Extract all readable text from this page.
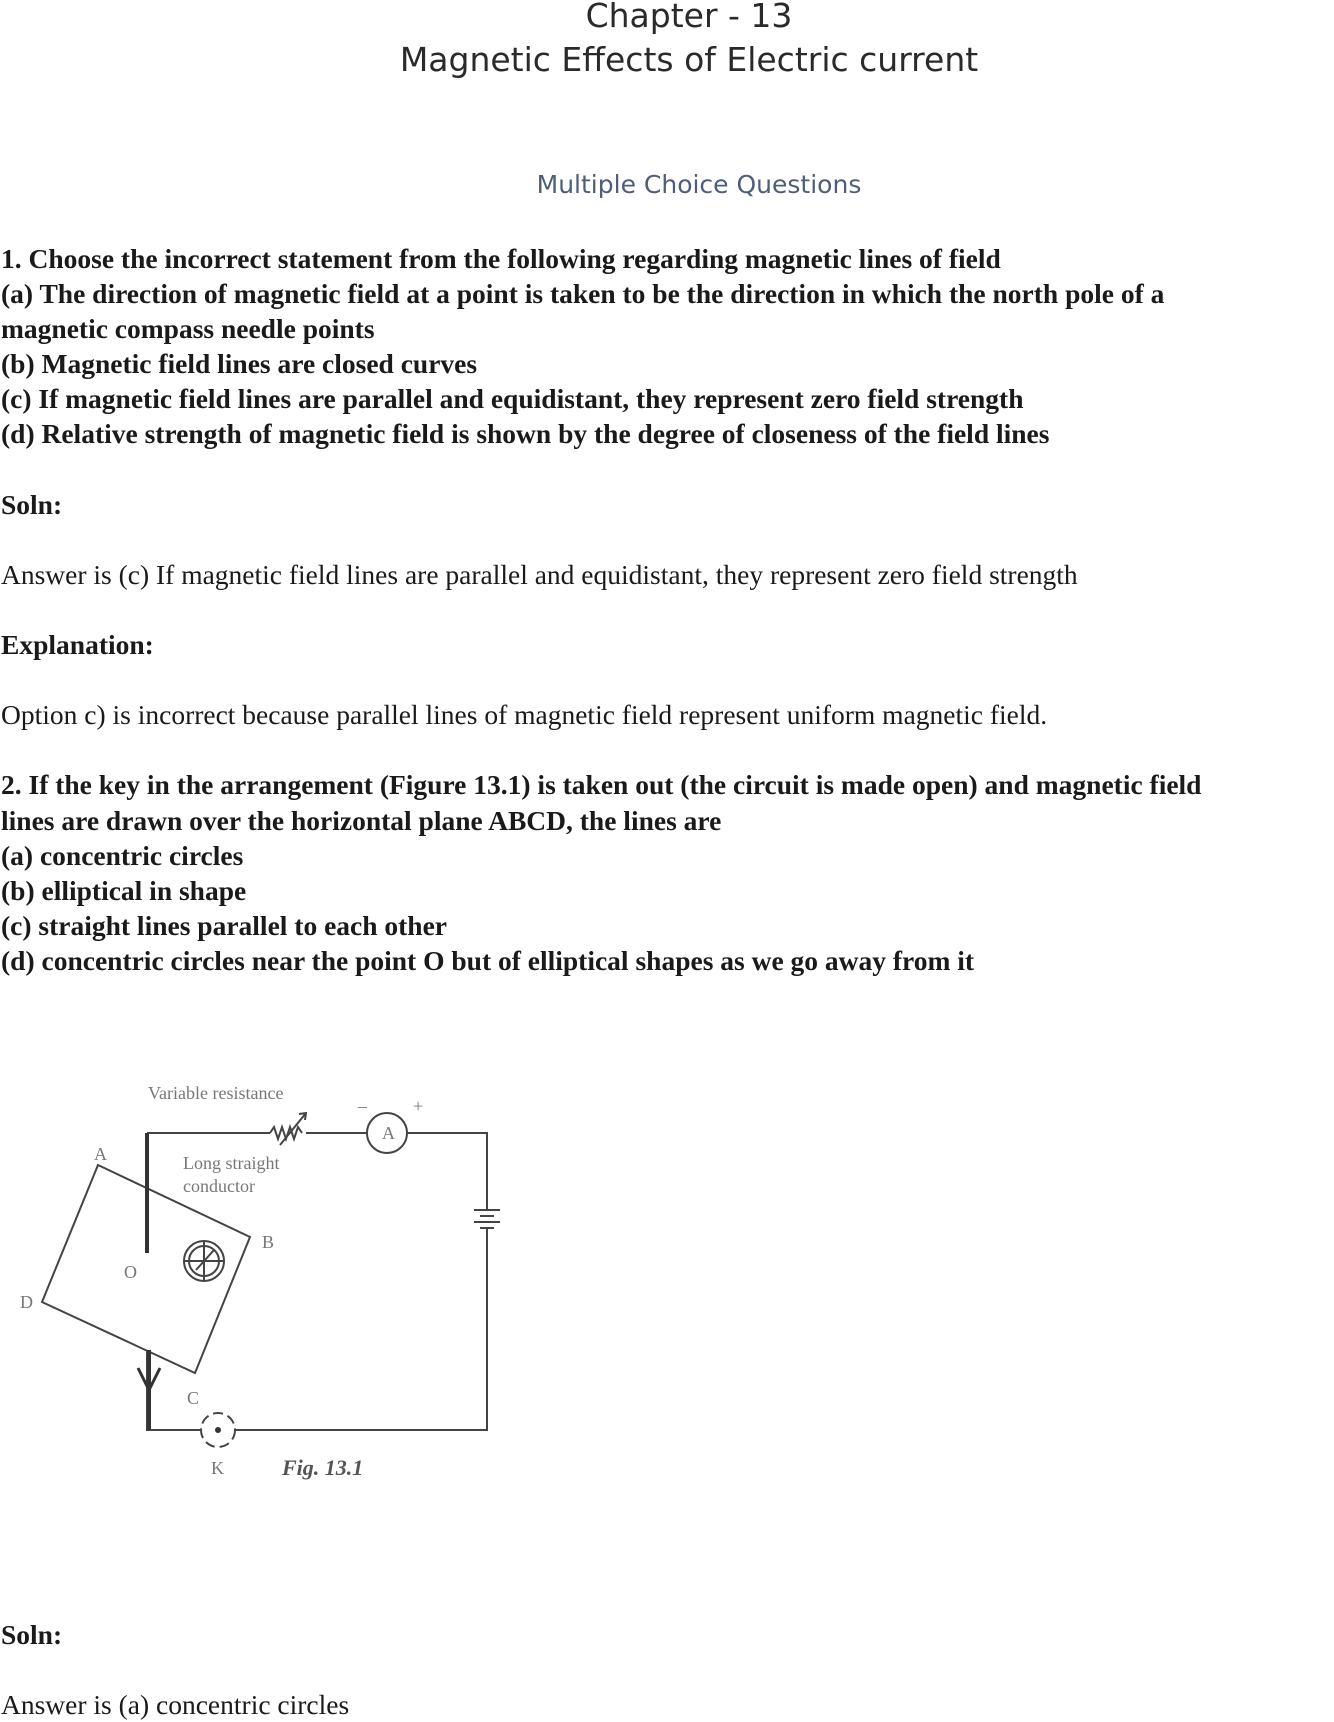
Chapter - 13
Magnetic Effects of Electric current
Multiple Choice Questions
1. Choose the incorrect statement from the following regarding magnetic lines of field
(a) The direction of magnetic field at a point is taken to be the direction in which the north pole of a
magnetic compass needle points
(b) Magnetic field lines are closed curves
(c) If magnetic field lines are parallel and equidistant, they represent zero field strength
(d) Relative strength of magnetic field is shown by the degree of closeness of the field lines
Soln:
Answer is (c) If magnetic field lines are parallel and equidistant, they represent zero field strength
Explanation:
Option c) is incorrect because parallel lines of magnetic field represent uniform magnetic field.
2. If the key in the arrangement (Figure 13.1) is taken out (the circuit is made open) and magnetic field
lines are drawn over the horizontal plane ABCD, the lines are
(a) concentric circles
(b) elliptical in shape
(c) straight lines parallel to each other
(d) concentric circles near the point O but of elliptical shapes as we go away from it
Variable resistance
Long straight
conductor
A
–	+
A
B
C
D
O
K	Fig. 13.1
Soln:
Answer is (a) concentric circles
